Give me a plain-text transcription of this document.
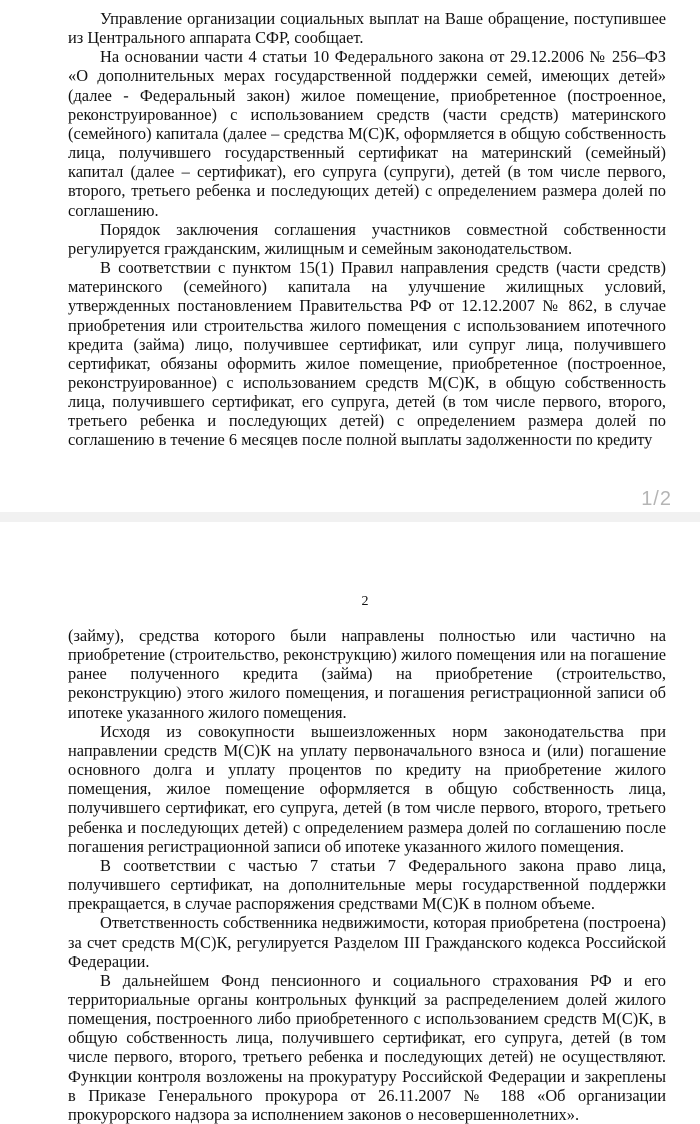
Управление организации социальных выплат на Ваше обращение, поступившее из Центрального аппарата СФР, сообщает.

На основании части 4 статьи 10 Федерального закона от 29.12.2006 № 256–ФЗ «О дополнительных мерах государственной поддержки семей, имеющих детей» (далее - Федеральный закон) жилое помещение, приобретенное (построенное, реконструированное) с использованием средств (части средств) материнского (семейного) капитала (далее – средства М(С)К, оформляется в общую собственность лица, получившего государственный сертификат на материнский (семейный) капитал (далее – сертификат), его супруга (супруги), детей (в том числе первого, второго, третьего ребенка и последующих детей) с определением размера долей по соглашению.

Порядок заключения соглашения участников совместной собственности регулируется гражданским, жилищным и семейным законодательством.

В соответствии с пунктом 15(1) Правил направления средств (части средств) материнского (семейного) капитала на улучшение жилищных условий, утвержденных постановлением Правительства РФ от 12.12.2007 № 862, в случае приобретения или строительства жилого помещения с использованием ипотечного кредита (займа) лицо, получившее сертификат, или супруг лица, получившего сертификат, обязаны оформить жилое помещение, приобретенное (построенное, реконструированное) с использованием средств М(С)К, в общую собственность лица, получившего сертификат, его супруга, детей (в том числе первого, второго, третьего ребенка и последующих детей) с определением размера долей по соглашению в течение 6 месяцев после полной выплаты задолженности по кредиту

1/2
2

(займу), средства которого были направлены полностью или частично на приобретение (строительство, реконструкцию) жилого помещения или на погашение ранее полученного кредита (займа) на приобретение (строительство, реконструкцию) этого жилого помещения, и погашения регистрационной записи об ипотеке указанного жилого помещения.

Исходя из совокупности вышеизложенных норм законодательства при направлении средств М(С)К на уплату первоначального взноса и (или) погашение основного долга и уплату процентов по кредиту на приобретение жилого помещения, жилое помещение оформляется в общую собственность лица, получившего сертификат, его супруга, детей (в том числе первого, второго, третьего ребенка и последующих детей) с определением размера долей по соглашению после погашения регистрационной записи об ипотеке указанного жилого помещения.

В соответствии с частью 7 статьи 7 Федерального закона право лица, получившего сертификат, на дополнительные меры государственной поддержки прекращается, в случае распоряжения средствами М(С)К в полном объеме.

Ответственность собственника недвижимости, которая приобретена (построена) за счет средств М(С)К, регулируется Разделом III Гражданского кодекса Российской Федерации.

В дальнейшем Фонд пенсионного и социального страхования РФ и его территориальные органы контрольных функций за распределением долей жилого помещения, построенного либо приобретенного с использованием средств М(С)К, в общую собственность лица, получившего сертификат, его супруга, детей (в том числе первого, второго, третьего ребенка и последующих детей) не осуществляют. Функции контроля возложены на прокуратуру Российской Федерации и закреплены в Приказе Генерального прокурора от 26.11.2007 № 188 «Об организации прокурорского надзора за исполнением законов о несовершеннолетних».
